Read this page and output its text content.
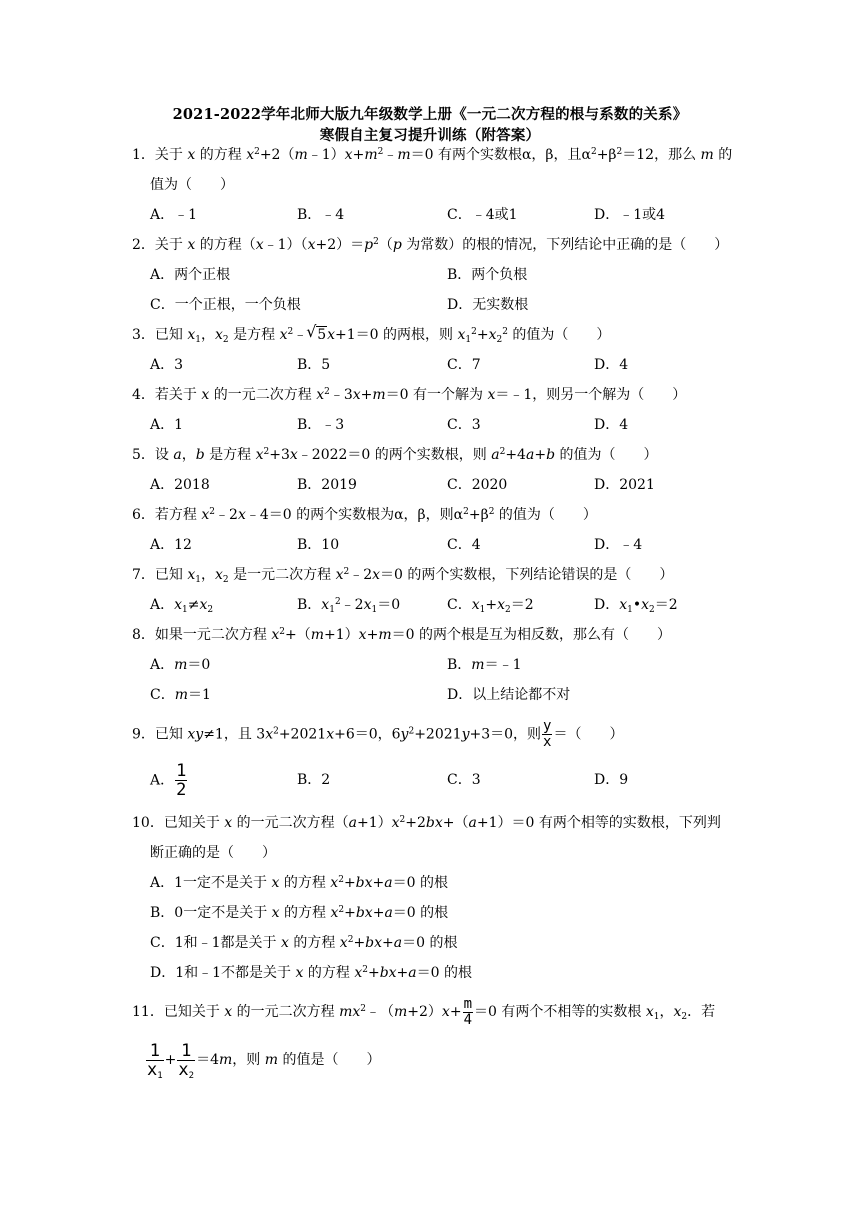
2021-2022学年北师大版九年级数学上册《一元二次方程的根与系数的关系》
寒假自主复习提升训练（附答案）
1．关于 x 的方程 $x^2+2(m﹣1)x+m^2﹣m=0$ 有两个实数根α，β，且$\alpha^2+\beta^2=12$，那么 m 的
值为（　　）
A．﹣1	B．﹣4	C．﹣4或1	D．﹣1或4
2．关于 x 的方程$(x﹣1)(x+2)=p^2(p$ 为常数）的根的情况，下列结论中正确的是（　　）
A．两个正根	B．两个负根
C．一个正根，一个负根	D．无实数根
3．已知 $x_1$，$x_2$ 是方程 $x^2﹣√$ 5x+1＝0 的两根，则 $x_1^2+x_2^2$ 的值为（　　）
A．3	B．5	C．7	D．4
4．若关于 x 的一元二次方程 $x^2﹣3x+m=0$ 有一个解为 x＝﹣1，则另一个解为（　　）
A．1	B．﹣3	C．3	D．4
5．设 a，b 是方程 $x^2+3x﹣2022=0$ 的两个实数根，则 $a^2+4a+b$ 的值为（　　）
A．2018	B．2019	C．2020	D．2021
6．若方程 $x^2﹣2x﹣4=0$ 的两个实数根为α，β，则$\alpha^2+\beta^2$ 的值为（　　）
A．12	B．10	C．4	D．﹣4
7．已知 $x_1$，$x_2$ 是一元二次方程 $x^2﹣2x=0$ 的两个实数根，下列结论错误的是（　　）
A．$x_1\ne x_2$	B．$x_1^2﹣2x_1=0$	C．$x_1+x_2=2$	D．$x_1•x_2=2$
8．如果一元二次方程 $x^2+(m+1)x+m=0$ 的两个根是互为相反数，那么有（　　）
A．m＝0	B．m＝﹣1
C．m＝1	D．以上结论都不对
9．已知 xy≠1，且 $3x^2+2021x+6=0$，$6y^2+2021y+3=0$，则 $\frac{y}{x}$ ＝（　　）
A． $\frac{1}{2}$	B．2	C．3	D．9
10．已知关于 x 的一元二次方程$(a+1)x^2+2bx+(a+1)=0$ 有两个相等的实数根，下列判
断正确的是（　　）
A．1一定不是关于 x 的方程 $x^2+bx+a=0$ 的根
B．0一定不是关于 x 的方程 $x^2+bx+a=0$ 的根
C．1和﹣1都是关于 x 的方程 $x^2+bx+a=0$ 的根
D．1和﹣1不都是关于 x 的方程 $x^2+bx+a=0$ 的根
11．已知关于 x 的一元二次方程 $mx^2﹣(m+2)x+ \frac{m}{4} =0$ 有两个不相等的实数根 $x_1$，$x_2$．若
$\frac{1}{x_1} + \frac{1}{x_2} =4m$，则 m 的值是（　　）
